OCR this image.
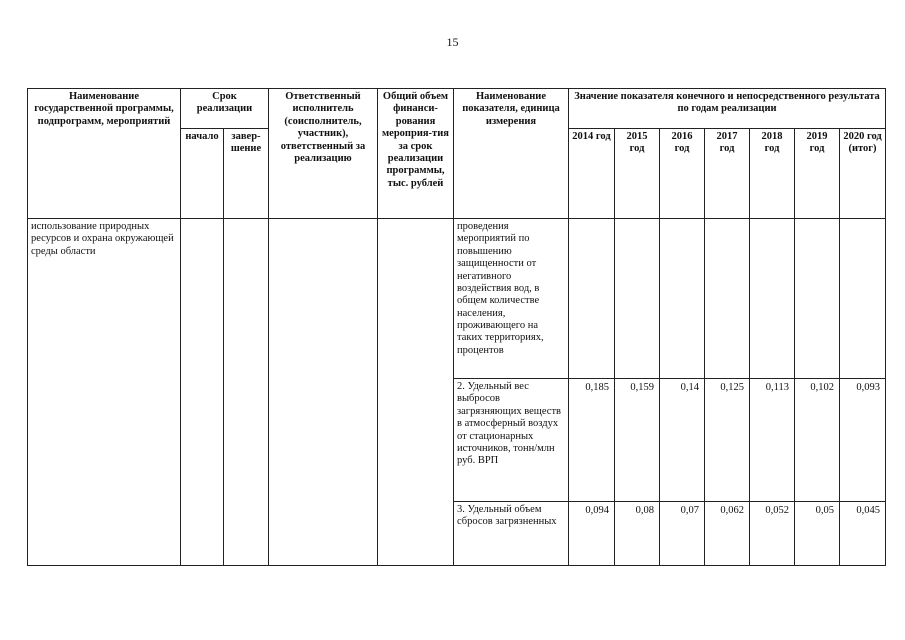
15
Наименование государственной программы, подпрограмм, мероприятий	Срок реализации		Ответственный исполнитель (соисполнитель, участник), ответственный за реализацию	Общий объем финанси-рования мероприя-тия за срок реализации программы, тыс. рублей	Наименование показателя, единица измерения	Значение показателя конечного и непосредственного результата по годам реализации						
	начало	завер-шение				2014 год	2015 год	2016 год	2017 год	2018 год	2019 год	2020 год (итог)
использование природных ресурсов и охрана окружающей среды области					проведения мероприятий по повышению защищенности от негативного воздействия вод, в общем количестве населения, проживающего на таких территориях, процентов							
					2. Удельный вес выбросов загрязняющих веществ в атмосферный воздух от стационарных источников, тонн/млн руб. ВРП	0,185	0,159	0,14	0,125	0,113	0,102	0,093
					3. Удельный объем сбросов загрязненных	0,094	0,08	0,07	0,062	0,052	0,05	0,045
